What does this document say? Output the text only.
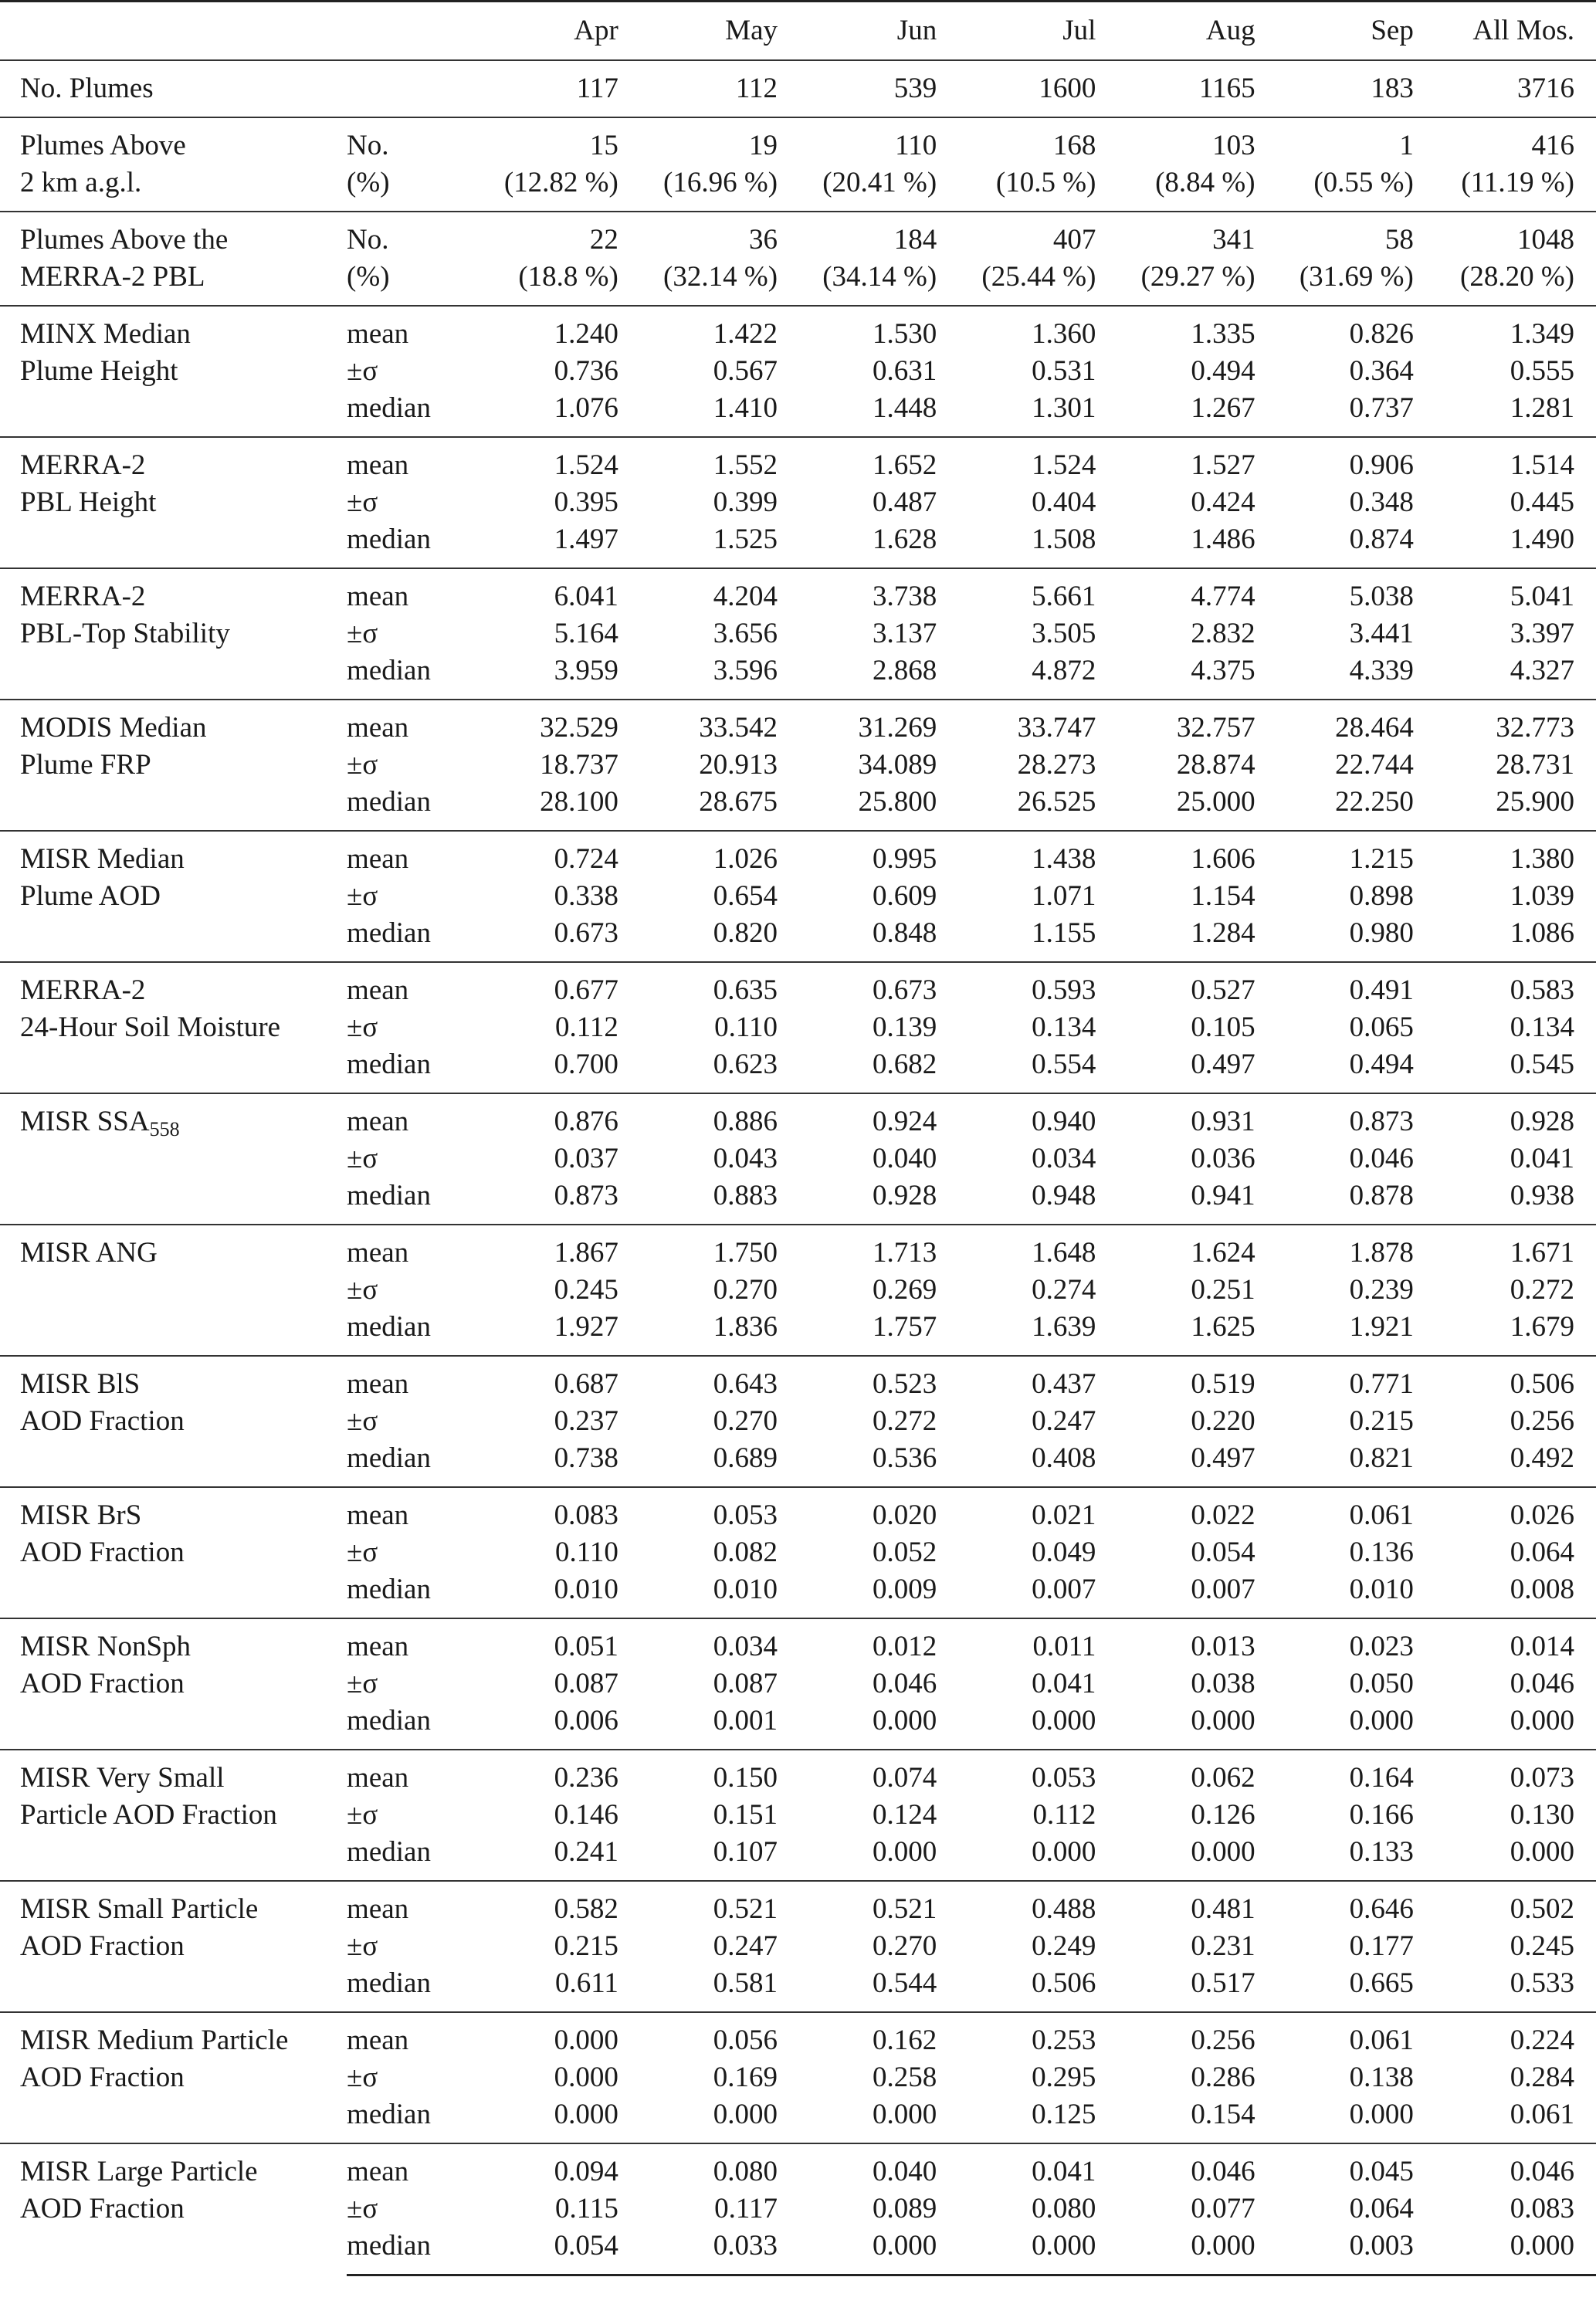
		Apr	May	Jun	Jul	Aug	Sep	All Mos.
No. Plumes		117	112	539	1600	1165	183	3716

Plumes Above
2 km a.g.l.	No.	15	19	110	168	103	1	416
	(%)	(12.82 %)	(16.96 %)	(20.41 %)	(10.5 %)	(8.84 %)	(0.55 %)	(11.19 %)

Plumes Above the
MERRA-2 PBL	No.	22	36	184	407	341	58	1048
	(%)	(18.8 %)	(32.14 %)	(34.14 %)	(25.44 %)	(29.27 %)	(31.69 %)	(28.20 %)

MINX Median
Plume Height	mean	1.240	1.422	1.530	1.360	1.335	0.826	1.349
	±σ	0.736	0.567	0.631	0.531	0.494	0.364	0.555
	median	1.076	1.410	1.448	1.301	1.267	0.737	1.281

MERRA-2
PBL Height	mean	1.524	1.552	1.652	1.524	1.527	0.906	1.514
	±σ	0.395	0.399	0.487	0.404	0.424	0.348	0.445
	median	1.497	1.525	1.628	1.508	1.486	0.874	1.490

MERRA-2
PBL-Top Stability	mean	6.041	4.204	3.738	5.661	4.774	5.038	5.041
	±σ	5.164	3.656	3.137	3.505	2.832	3.441	3.397
	median	3.959	3.596	2.868	4.872	4.375	4.339	4.327

MODIS Median
Plume FRP	mean	32.529	33.542	31.269	33.747	32.757	28.464	32.773
	±σ	18.737	20.913	34.089	28.273	28.874	22.744	28.731
	median	28.100	28.675	25.800	26.525	25.000	22.250	25.900

MISR Median
Plume AOD	mean	0.724	1.026	0.995	1.438	1.606	1.215	1.380
	±σ	0.338	0.654	0.609	1.071	1.154	0.898	1.039
	median	0.673	0.820	0.848	1.155	1.284	0.980	1.086

MERRA-2
24-Hour Soil Moisture	mean	0.677	0.635	0.673	0.593	0.527	0.491	0.583
	±σ	0.112	0.110	0.139	0.134	0.105	0.065	0.134
	median	0.700	0.623	0.682	0.554	0.497	0.494	0.545

MISR $SSA_{558}$	mean	0.876	0.886	0.924	0.940	0.931	0.873	0.928
	±σ	0.037	0.043	0.040	0.034	0.036	0.046	0.041
	median	0.873	0.883	0.928	0.948	0.941	0.878	0.938

MISR ANG	mean	1.867	1.750	1.713	1.648	1.624	1.878	1.671
	±σ	0.245	0.270	0.269	0.274	0.251	0.239	0.272
	median	1.927	1.836	1.757	1.639	1.625	1.921	1.679

MISR BlS
AOD Fraction	mean	0.687	0.643	0.523	0.437	0.519	0.771	0.506
	±σ	0.237	0.270	0.272	0.247	0.220	0.215	0.256
	median	0.738	0.689	0.536	0.408	0.497	0.821	0.492

MISR BrS
AOD Fraction	mean	0.083	0.053	0.020	0.021	0.022	0.061	0.026
	±σ	0.110	0.082	0.052	0.049	0.054	0.136	0.064
	median	0.010	0.010	0.009	0.007	0.007	0.010	0.008

MISR NonSph
AOD Fraction	mean	0.051	0.034	0.012	0.011	0.013	0.023	0.014
	±σ	0.087	0.087	0.046	0.041	0.038	0.050	0.046
	median	0.006	0.001	0.000	0.000	0.000	0.000	0.000

MISR Very Small
Particle AOD Fraction	mean	0.236	0.150	0.074	0.053	0.062	0.164	0.073
	±σ	0.146	0.151	0.124	0.112	0.126	0.166	0.130
	median	0.241	0.107	0.000	0.000	0.000	0.133	0.000

MISR Small Particle
AOD Fraction	mean	0.582	0.521	0.521	0.488	0.481	0.646	0.502
	±σ	0.215	0.247	0.270	0.249	0.231	0.177	0.245
	median	0.611	0.581	0.544	0.506	0.517	0.665	0.533

MISR Medium Particle
AOD Fraction	mean	0.000	0.056	0.162	0.253	0.256	0.061	0.224
	±σ	0.000	0.169	0.258	0.295	0.286	0.138	0.284
	median	0.000	0.000	0.000	0.125	0.154	0.000	0.061

MISR Large Particle
AOD Fraction	mean	0.094	0.080	0.040	0.041	0.046	0.045	0.046
	±σ	0.115	0.117	0.089	0.080	0.077	0.064	0.083
	median	0.054	0.033	0.000	0.000	0.000	0.003	0.000
